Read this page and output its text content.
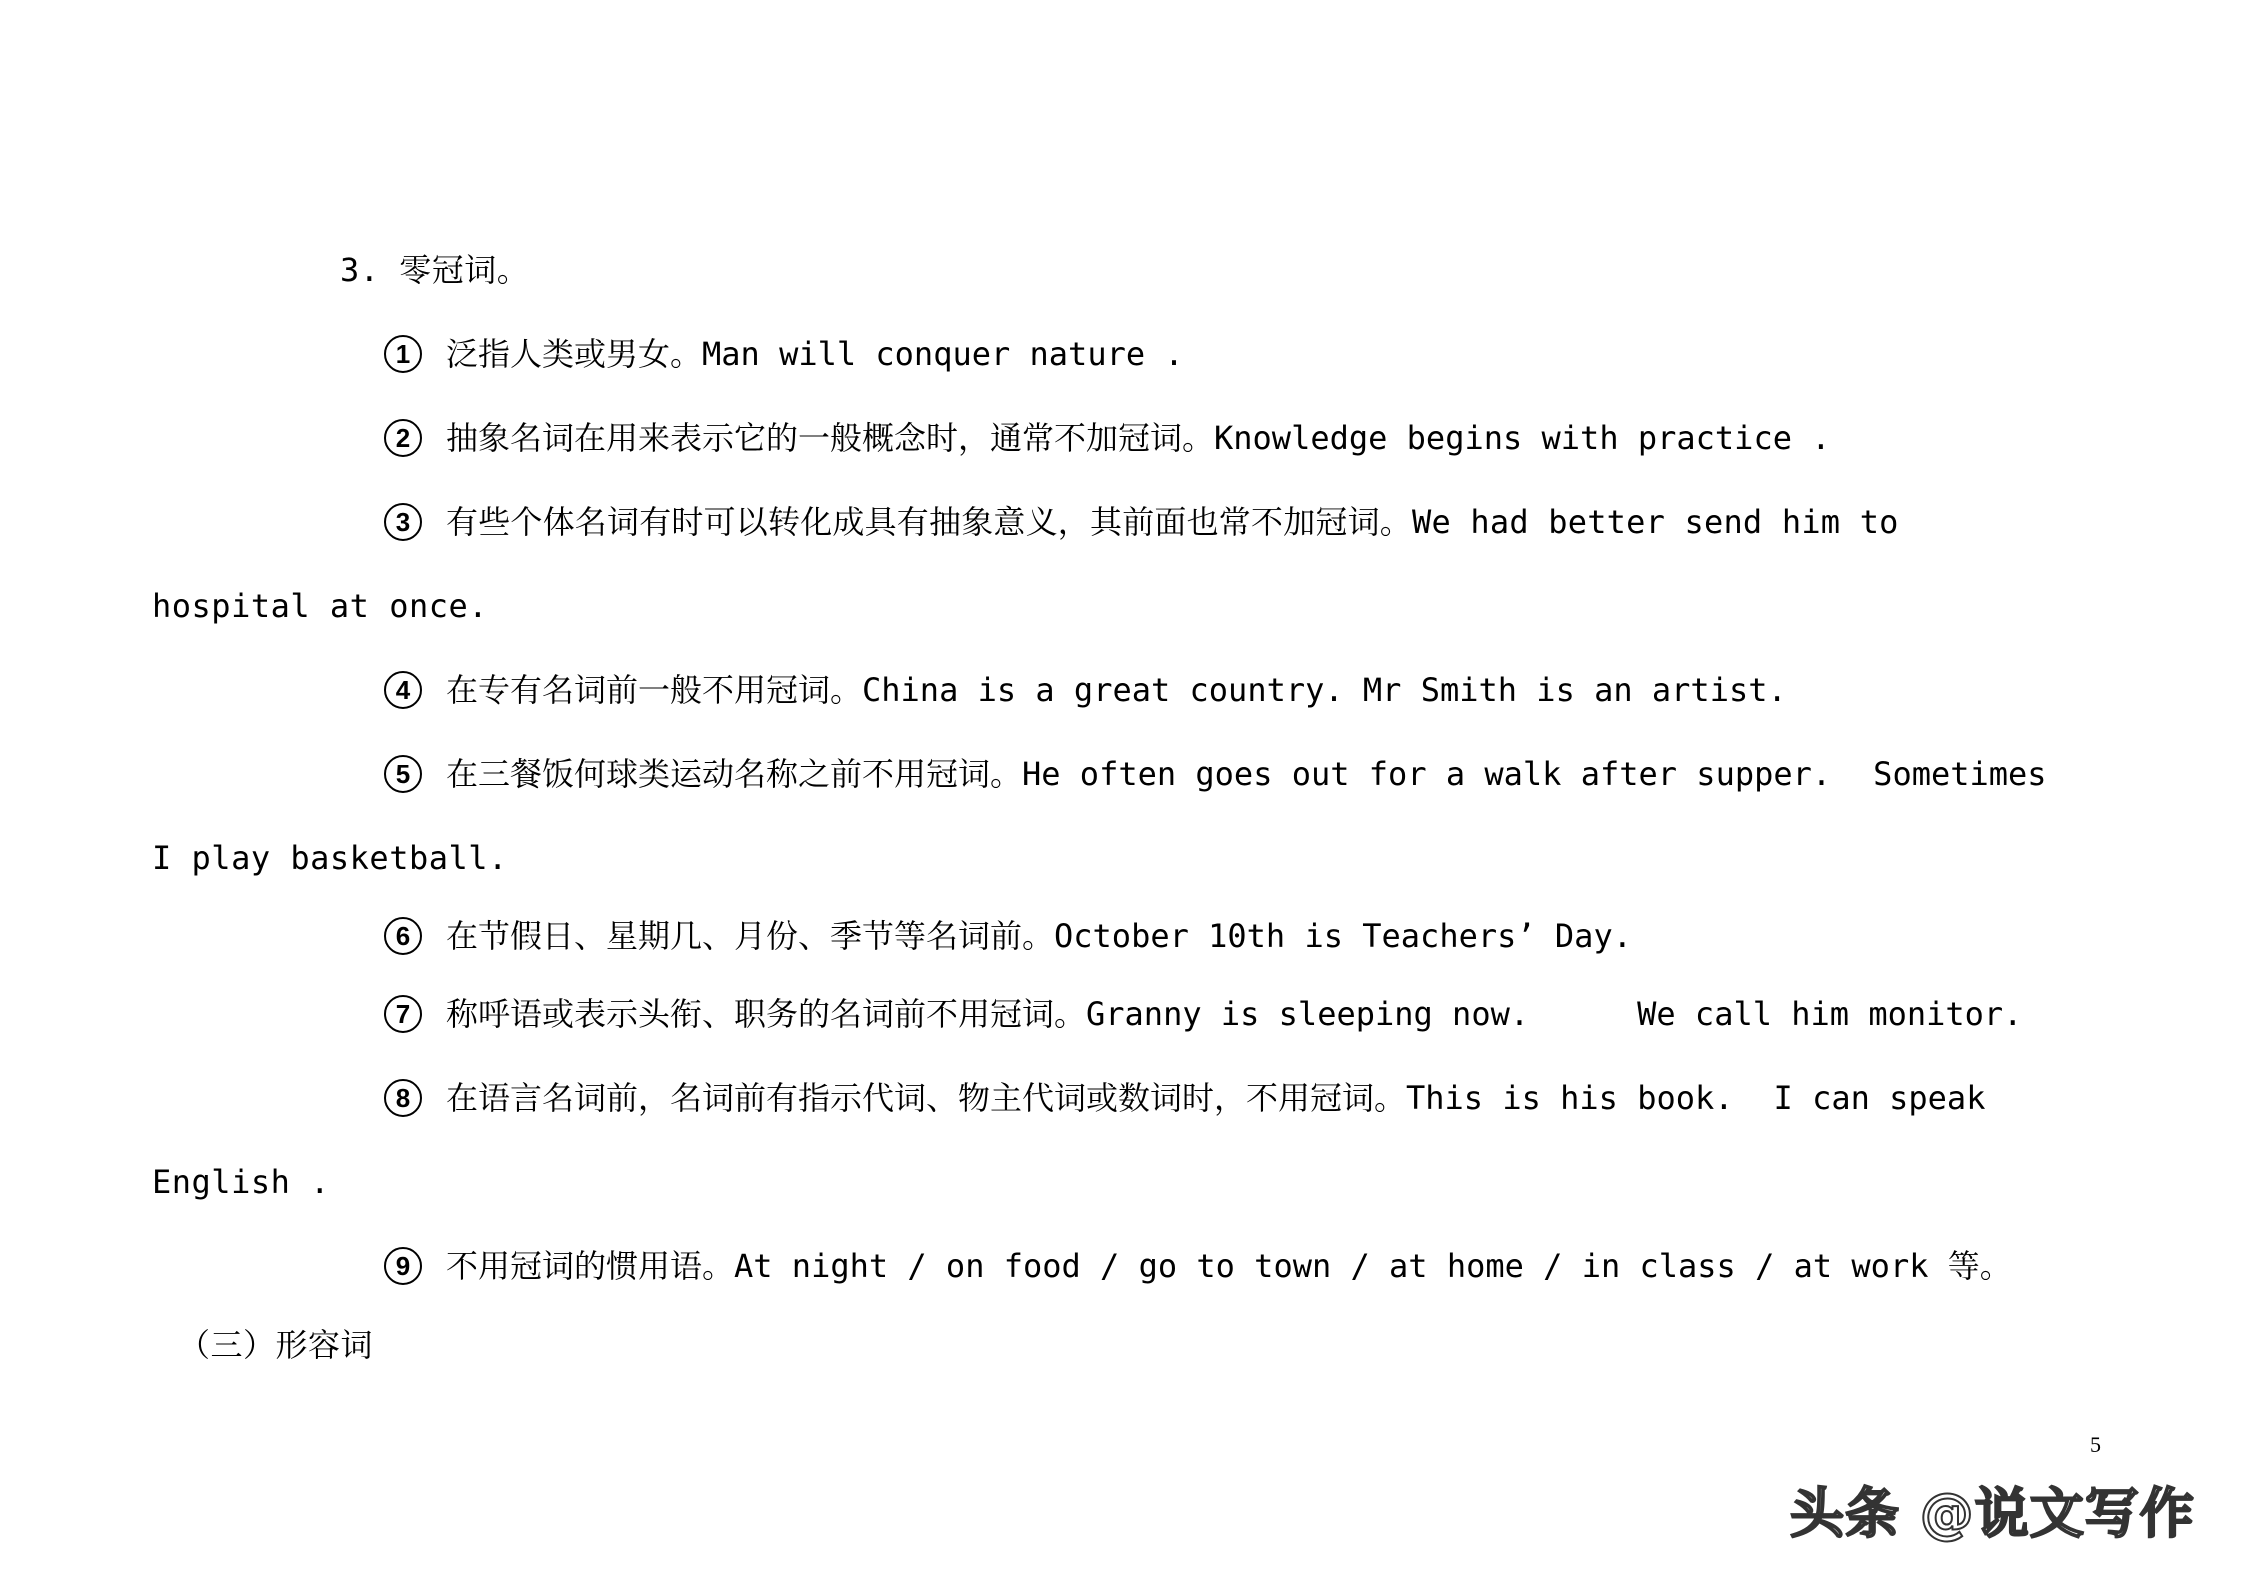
3. 零冠词。
1	泛指人类或男女。Man will conquer nature .
2	抽象名词在用来表示它的一般概念时，通常不加冠词。Knowledge begins with practice .
3	有些个体名词有时可以转化成具有抽象意义，其前面也常不加冠词。We had better send him to
hospital at once.
4	在专有名词前一般不用冠词。China is a great country. Mr Smith is an artist.
5	在三餐饭何球类运动名称之前不用冠词。He often goes out for a walk after supper. Sometimes
I play basketball.
6	在节假日、星期几、月份、季节等名词前。October 10th is Teachers’ Day.
7	称呼语或表示头衔、职务的名词前不用冠词。Granny is sleeping now.	We call him monitor.
8	在语言名词前，名词前有指示代词、物主代词或数词时，不用冠词。This is his book. I can speak
English .
9	不用冠词的惯用语。At night / on food / go to town / at home / in class / at work 等。
（三）形容词
5
头条 @说文写作
